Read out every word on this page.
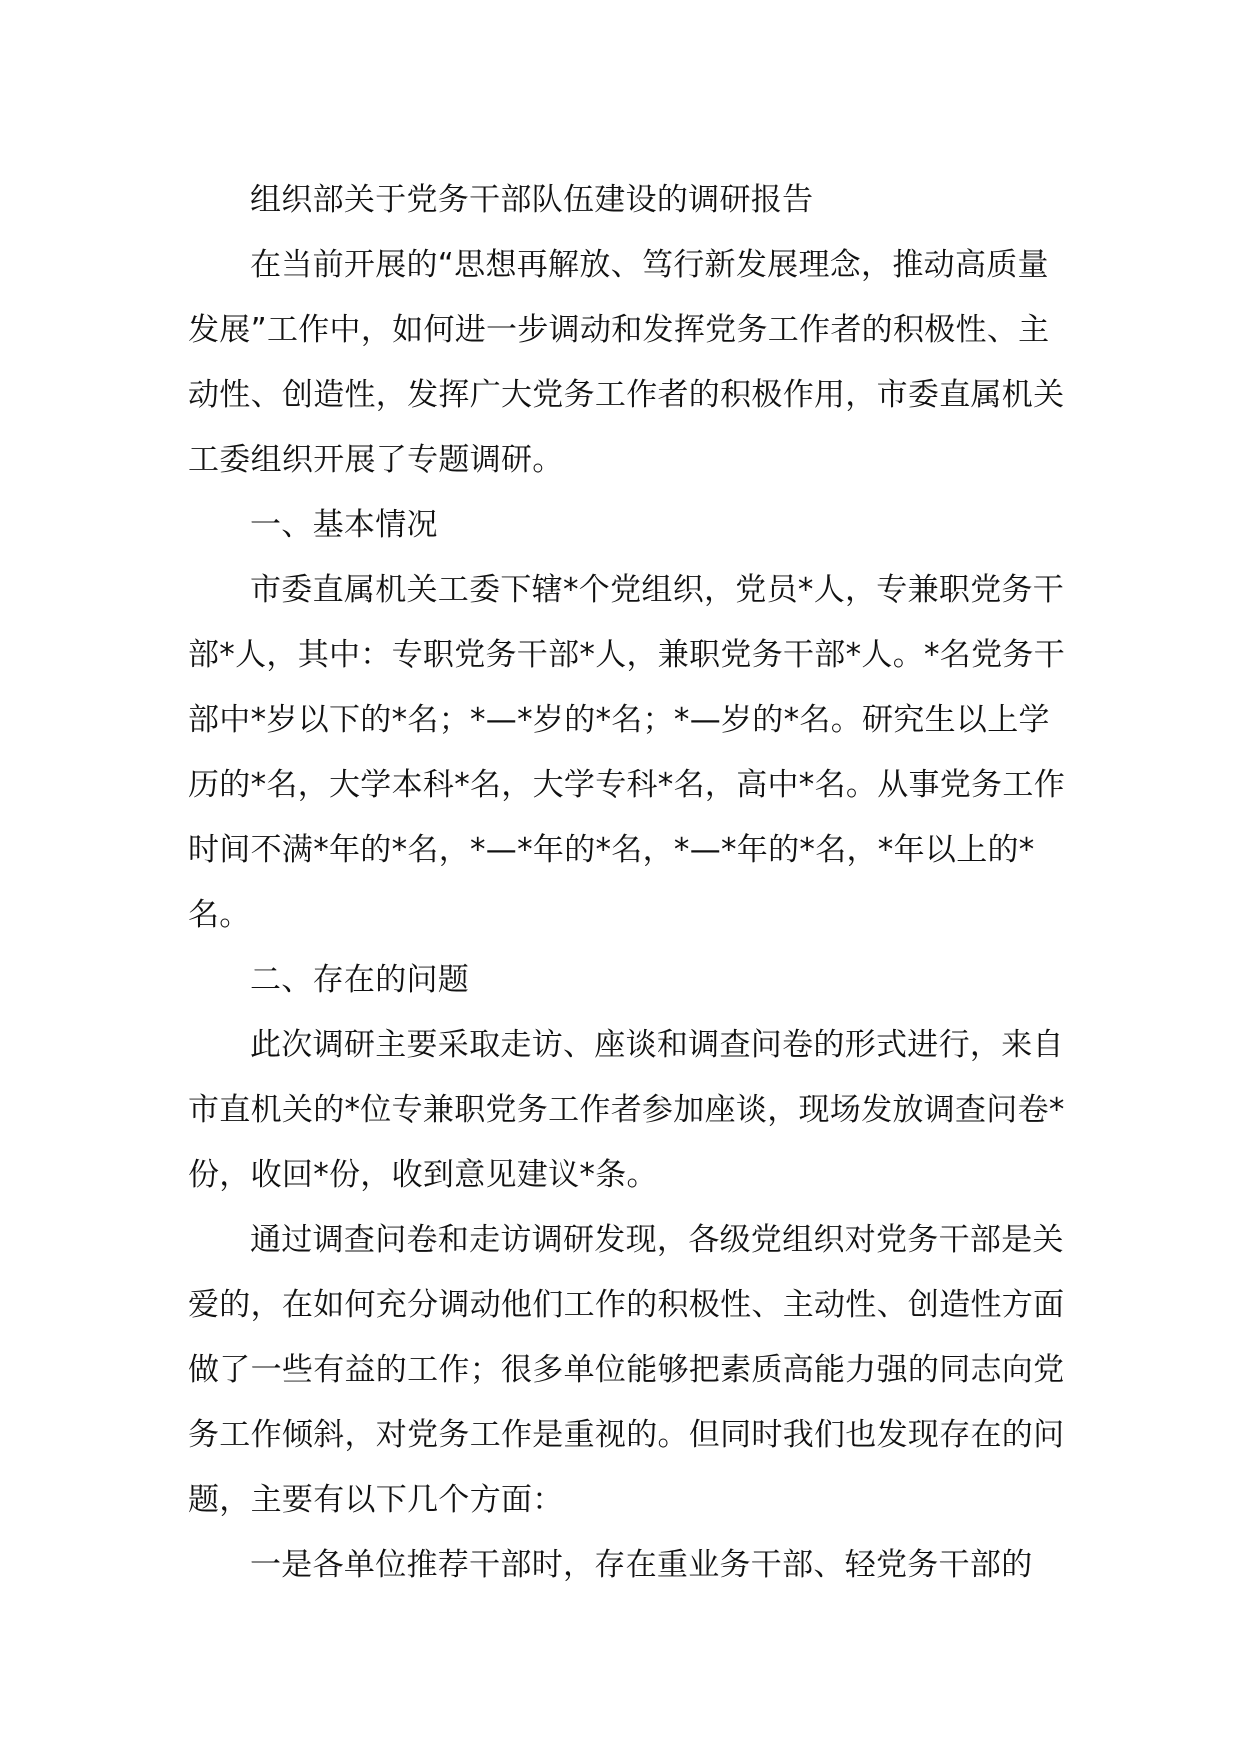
组织部关于党务干部队伍建设的调研报告

在当前开展的“思想再解放、笃行新发展理念，推动高质量发展”工作中，如何进一步调动和发挥党务工作者的积极性、主动性、创造性，发挥广大党务工作者的积极作用，市委直属机关工委组织开展了专题调研。

一、基本情况

市委直属机关工委下辖*个党组织，党员*人，专兼职党务干部*人，其中：专职党务干部*人，兼职党务干部*人。*名党务干部中*岁以下的*名；*—*岁的*名；*—岁的*名。研究生以上学历的*名，大学本科*名，大学专科*名，高中*名。从事党务工作时间不满*年的*名，*—*年的*名，*—*年的*名，*年以上的*名。

二、存在的问题

此次调研主要采取走访、座谈和调查问卷的形式进行，来自市直机关的*位专兼职党务工作者参加座谈，现场发放调查问卷*份，收回*份，收到意见建议*条。

通过调查问卷和走访调研发现，各级党组织对党务干部是关爱的，在如何充分调动他们工作的积极性、主动性、创造性方面做了一些有益的工作；很多单位能够把素质高能力强的同志向党务工作倾斜，对党务工作是重视的。但同时我们也发现存在的问题，主要有以下几个方面：

一是各单位推荐干部时，存在重业务干部、轻党务干部的
